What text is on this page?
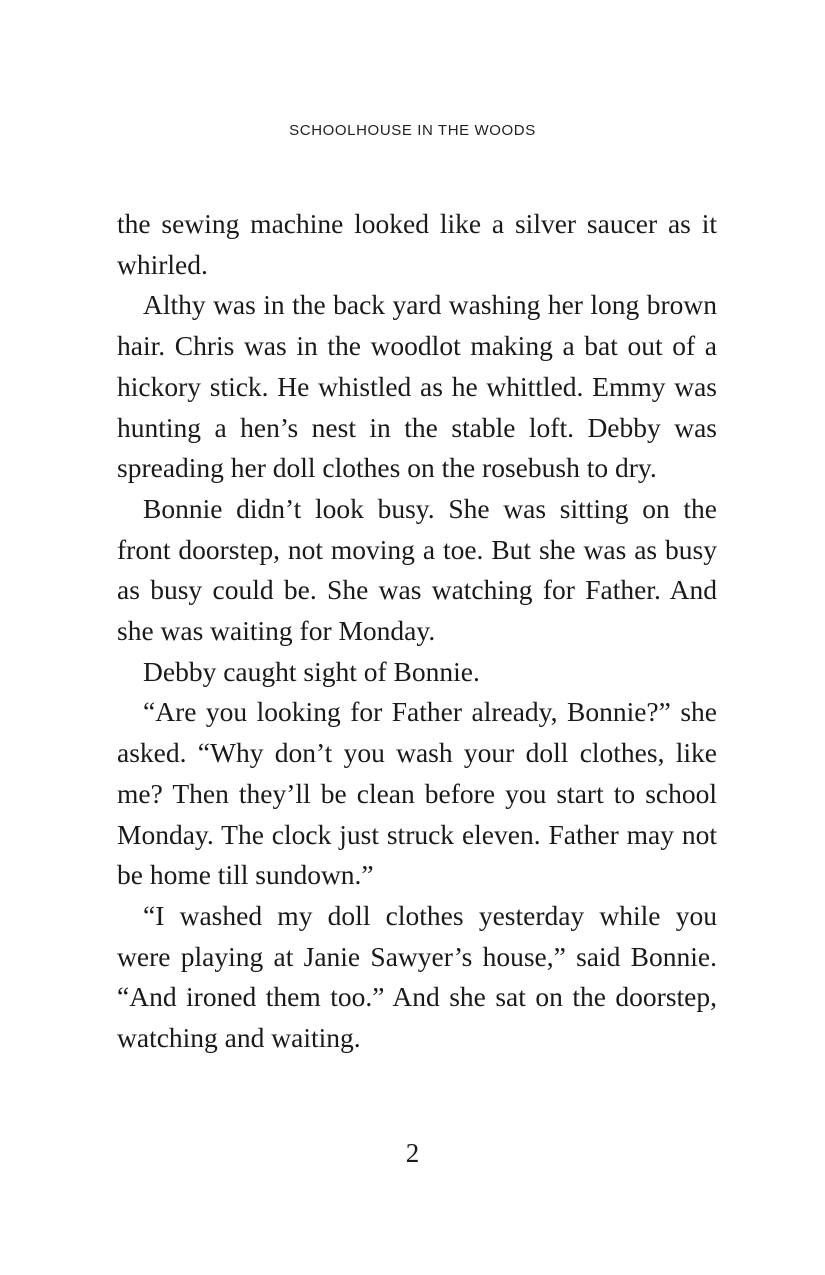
SCHOOLHOUSE IN THE WOODS

the sewing machine looked like a silver saucer as it whirled.

Althy was in the back yard washing her long brown hair. Chris was in the woodlot making a bat out of a hickory stick. He whistled as he whittled. Emmy was hunting a hen’s nest in the stable loft. Debby was spreading her doll clothes on the rosebush to dry.

Bonnie didn’t look busy. She was sitting on the front doorstep, not moving a toe. But she was as busy as busy could be. She was watching for Father. And she was waiting for Monday.

Debby caught sight of Bonnie.

“Are you looking for Father already, Bonnie?” she asked. “Why don’t you wash your doll clothes, like me? Then they’ll be clean before you start to school Monday. The clock just struck eleven. Father may not be home till sundown.”

“I washed my doll clothes yesterday while you were playing at Janie Sawyer’s house,” said Bonnie. “And ironed them too.” And she sat on the doorstep, watching and waiting.

2
